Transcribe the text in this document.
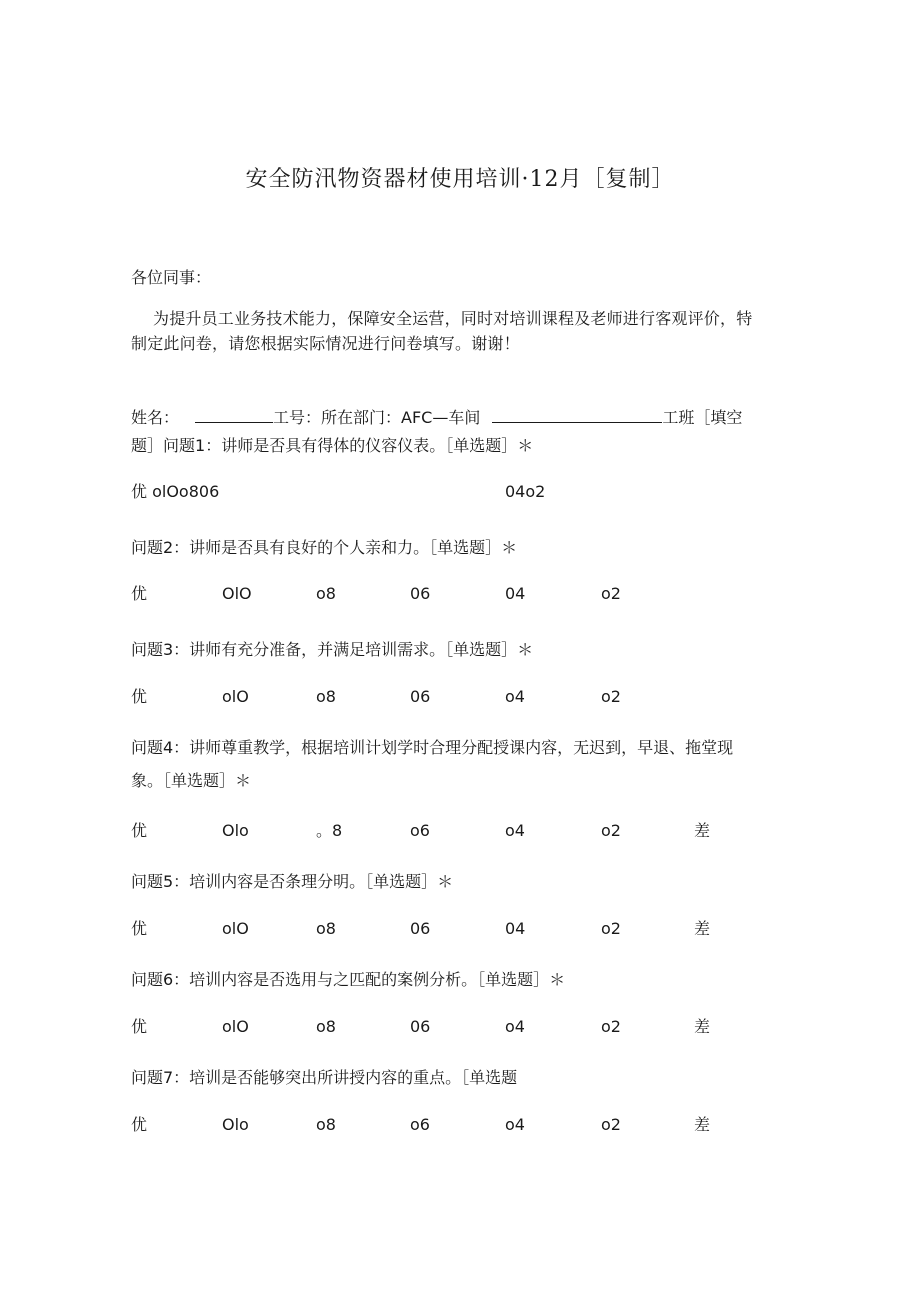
安全防汛物资器材使用培训·12月［复制］
各位同事：
为提升员工业务技术能力，保障安全运营，同时对培训课程及老师进行客观评价，特
制定此问卷，请您根据实际情况进行问卷填写。谢谢！
姓名：	工号：所在部门：AFC—车间	工班［填空
题］问题1：讲师是否具有得体的仪容仪表。［单选题］＊
优 olOo806	04o2
问题2：讲师是否具有良好的个人亲和力。［单选题］＊
优	OlO	o8	06	04	o2
问题3：讲师有充分准备，并满足培训需求。［单选题］＊
优	olO	o8	06	o4	o2
问题4：讲师尊重教学，根据培训计划学时合理分配授课内容，无迟到，早退、拖堂现
象。［单选题］＊
优	Olo	。8	o6	o4	o2	差
问题5：培训内容是否条理分明。［单选题］＊
优	olO	o8	06	04	o2	差
问题6：培训内容是否选用与之匹配的案例分析。［单选题］＊
优	olO	o8	06	o4	o2	差
问题7：培训是否能够突出所讲授内容的重点。［单选题
优	Olo	o8	o6	o4	o2	差
